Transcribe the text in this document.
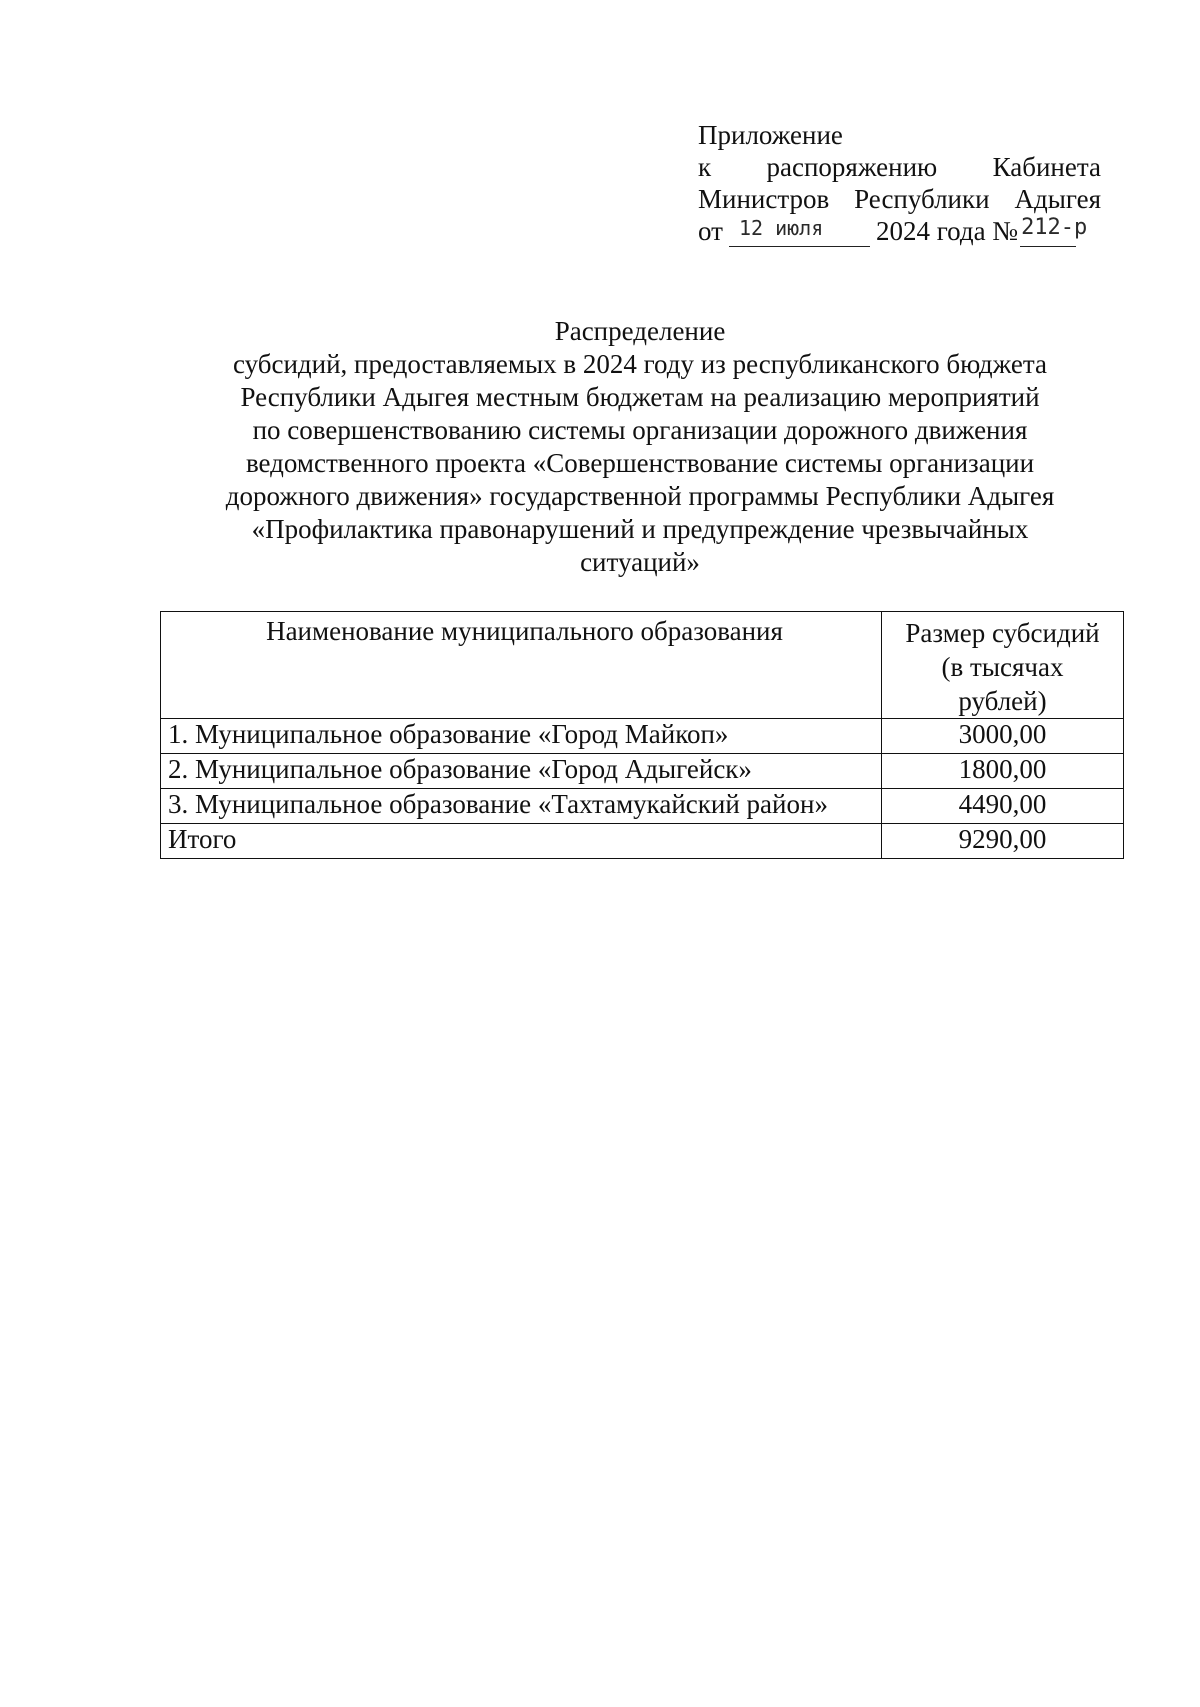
Приложение
к распоряжению Кабинета
Министров Республики Адыгея
от 12 июля 2024 года № 212-р
Распределение
субсидий, предоставляемых в 2024 году из республиканского бюджета
Республики Адыгея местным бюджетам на реализацию мероприятий
по совершенствованию системы организации дорожного движения
ведомственного проекта «Совершенствование системы организации
дорожного движения» государственной программы Республики Адыгея
«Профилактика правонарушений и предупреждение чрезвычайных
ситуаций»
Наименование муниципального образования	Размер субсидий
(в тысячах
рублей)

1. Муниципальное образование «Город Майкоп»	3000,00
2. Муниципальное образование «Город Адыгейск»	1800,00
3. Муниципальное образование «Тахтамукайский район»	4490,00
Итого	9290,00
